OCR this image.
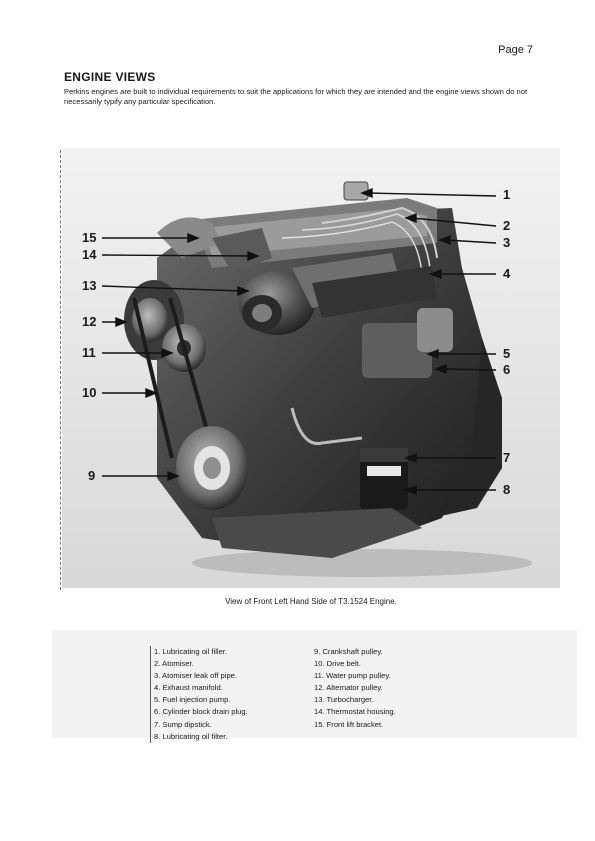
Page 7
ENGINE VIEWS
Perkins engines are built to individual requirements to suit the applications for which they are intended and the engine views shown do not necessarily typify any particular specification.
1
2
3
4
5
6
7
8
15
14
13
12
11
10
9
View of Front Left Hand Side of T3.1524 Engine.
1. Lubricating oil filler.
2. Atomiser.
3. Atomiser leak off pipe.
4. Exhaust manifold.
5. Fuel injection pump.
6. Cylinder block drain plug.
7. Sump dipstick.
8. Lubricating oil filter.
9. Crankshaft pulley.
10. Drive belt.
11. Water pump pulley.
12. Alternator pulley.
13. Turbocharger.
14. Thermostat housing.
15. Front lift bracket.
